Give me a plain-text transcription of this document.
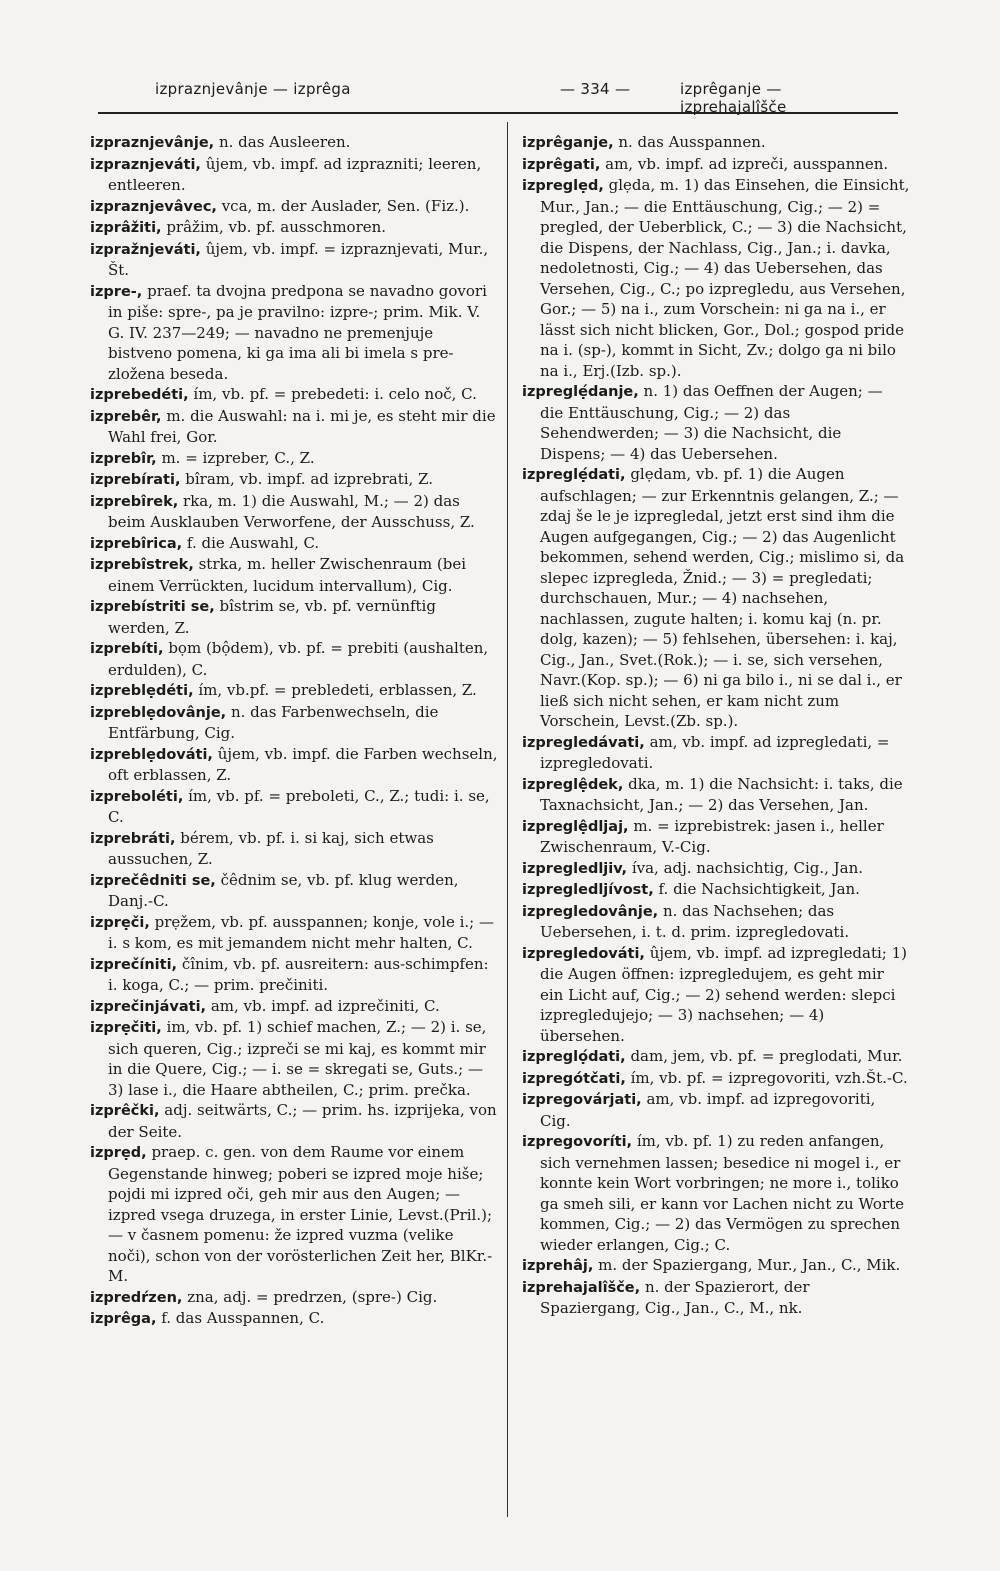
izpraznjevânje — izprêga	— 334 —	izprêganje — izprehajalîšče
izpraznjevânje, n. das Ausleeren.
izpraznjeváti, ûjem, vb. impf. ad izprazniti; leeren, entleeren.
izpraznjevâvec, vca, m. der Auslader, Sen. (Fiz.).
izprâžiti, prâžim, vb. pf. ausschmoren.
izpražnjeváti, ûjem, vb. impf. = izpraznjevati, Mur., Št.
izpre-, praef. ta dvojna predpona se navadno govori in piše: spre-, pa je pravilno: izpre-; prim. Mik. V. G. IV. 237—249; — navadno ne premenjuje bistveno pomena, ki ga ima ali bi imela s pre- zložena beseda.
izprebedéti, ím, vb. pf. = prebedeti: i. celo noč, C.
izprebêr, m. die Auswahl: na i. mi je, es steht mir die Wahl frei, Gor.
izprebîr, m. = izpreber, C., Z.
izprebírati, bîram, vb. impf. ad izprebrati, Z.
izprebîrek, rka, m. 1) die Auswahl, M.; — 2) das beim Ausklauben Verworfene, der Ausschuss, Z.
izprebîrica, f. die Auswahl, C.
izprebîstrek, strka, m. heller Zwischenraum (bei einem Verrückten, lucidum intervallum), Cig.
izprebístriti se, bîstrim se, vb. pf. vernünftig werden, Z.
izprebíti, bọm (bộdem), vb. pf. = prebiti (aushalten, erdulden), C.
izpreblẹdéti, ím, vb.pf. = prebledeti, erblassen, Z.
izpreblẹdovânje, n. das Farbenwechseln, die Entfärbung, Cig.
izpreblẹdováti, ûjem, vb. impf. die Farben wechseln, oft erblassen, Z.
izpreboléti, ím, vb. pf. = preboleti, C., Z.; tudi: i. se, C.
izprebráti, bérem, vb. pf. i. si kaj, sich etwas aussuchen, Z.
izprečêdniti se, čêdnim se, vb. pf. klug werden, Danj.-C.
izprẹči, prẹžem, vb. pf. ausspannen; konje, vole i.; — i. s kom, es mit jemandem nicht mehr halten, C.
izprečíniti, čînim, vb. pf. ausreitern: aus-schimpfen: i. koga, C.; — prim. prečiniti.
izprečinjávati, am, vb. impf. ad izprečiniti, C.
izprẹčiti, im, vb. pf. 1) schief machen, Z.; — 2) i. se, sich queren, Cig.; izpreči se mi kaj, es kommt mir in die Quere, Cig.; — i. se = skregati se, Guts.; — 3) lase i., die Haare abtheilen, C.; prim. prečka.
izprêčki, adj. seitwärts, C.; — prim. hs. izprijeka, von der Seite.
izprẹd, praep. c. gen. von dem Raume vor einem Gegenstande hinweg; poberi se izpred moje hiše; pojdi mi izpred oči, geh mir aus den Augen; — izpred vsega druzega, in erster Linie, Levst.(Pril.); — v časnem pomenu: že izpred vuzma (velike noči), schon von der vorösterlichen Zeit her, BlKr.-M.
izpredŕzen, zna, adj. = predrzen, (spre-) Cig.
izprêga, f. das Ausspannen, C.
izprêganje, n. das Ausspannen.
izprêgati, am, vb. impf. ad izpreči, ausspannen.
izpreglẹd, glẹda, m. 1) das Einsehen, die Einsicht, Mur., Jan.; — die Enttäuschung, Cig.; — 2) = pregled, der Ueberblick, C.; — 3) die Nachsicht, die Dispens, der Nachlass, Cig., Jan.; i. davka, nedoletnosti, Cig.; — 4) das Uebersehen, das Versehen, Cig., C.; po izpregledu, aus Versehen, Gor.; — 5) na i., zum Vorschein: ni ga na i., er lässt sich nicht blicken, Gor., Dol.; gospod pride na i. (sp-), kommt in Sicht, Zv.; dolgo ga ni bilo na i., Erj.(Izb. sp.).
izpreglẹ́danje, n. 1) das Oeffnen der Augen; — die Enttäuschung, Cig.; — 2) das Sehendwerden; — 3) die Nachsicht, die Dispens; — 4) das Uebersehen.
izpreglẹ́dati, glẹdam, vb. pf. 1) die Augen aufschlagen; — zur Erkenntnis gelangen, Z.; — zdaj še le je izpregledal, jetzt erst sind ihm die Augen aufgegangen, Cig.; — 2) das Augenlicht bekommen, sehend werden, Cig.; mislimo si, da slepec izpregleda, Žnid.; — 3) = pregledati; durchschauen, Mur.; — 4) nachsehen, nachlassen, zugute halten; i. komu kaj (n. pr. dolg, kazen); — 5) fehlsehen, übersehen: i. kaj, Cig., Jan., Svet.(Rok.); — i. se, sich versehen, Navr.(Kop. sp.); — 6) ni ga bilo i., ni se dal i., er ließ sich nicht sehen, er kam nicht zum Vorschein, Levst.(Zb. sp.).
izpregledávati, am, vb. impf. ad izpregledati, = izpregledovati.
izpreglệdek, dka, m. 1) die Nachsicht: i. taks, die Taxnachsicht, Jan.; — 2) das Versehen, Jan.
izpreglệdljaj, m. = izprebistrek: jasen i., heller Zwischenraum, V.-Cig.
izpregledljiv, íva, adj. nachsichtig, Cig., Jan.
izpregledljívost, f. die Nachsichtigkeit, Jan.
izpregledovânje, n. das Nachsehen; das Uebersehen, i. t. d. prim. izpregledovati.
izpregledováti, ûjem, vb. impf. ad izpregledati; 1) die Augen öffnen: izpregledujem, es geht mir ein Licht auf, Cig.; — 2) sehend werden: slepci izpregledujejo; — 3) nachsehen; — 4) übersehen.
izpreglọ́dati, dam, jem, vb. pf. = preglodati, Mur.
izpregótčati, ím, vb. pf. = izpregovoriti, vzh.Št.-C.
izpregovárjati, am, vb. impf. ad izpregovoriti, Cig.
izpregovoríti, ím, vb. pf. 1) zu reden anfangen, sich vernehmen lassen; besedice ni mogel i., er konnte kein Wort vorbringen; ne more i., toliko ga smeh sili, er kann vor Lachen nicht zu Worte kommen, Cig.; — 2) das Vermögen zu sprechen wieder erlangen, Cig.; C.
izprehâj, m. der Spaziergang, Mur., Jan., C., Mik.
izprehajalîšče, n. der Spazierort, der Spaziergang, Cig., Jan., C., M., nk.
